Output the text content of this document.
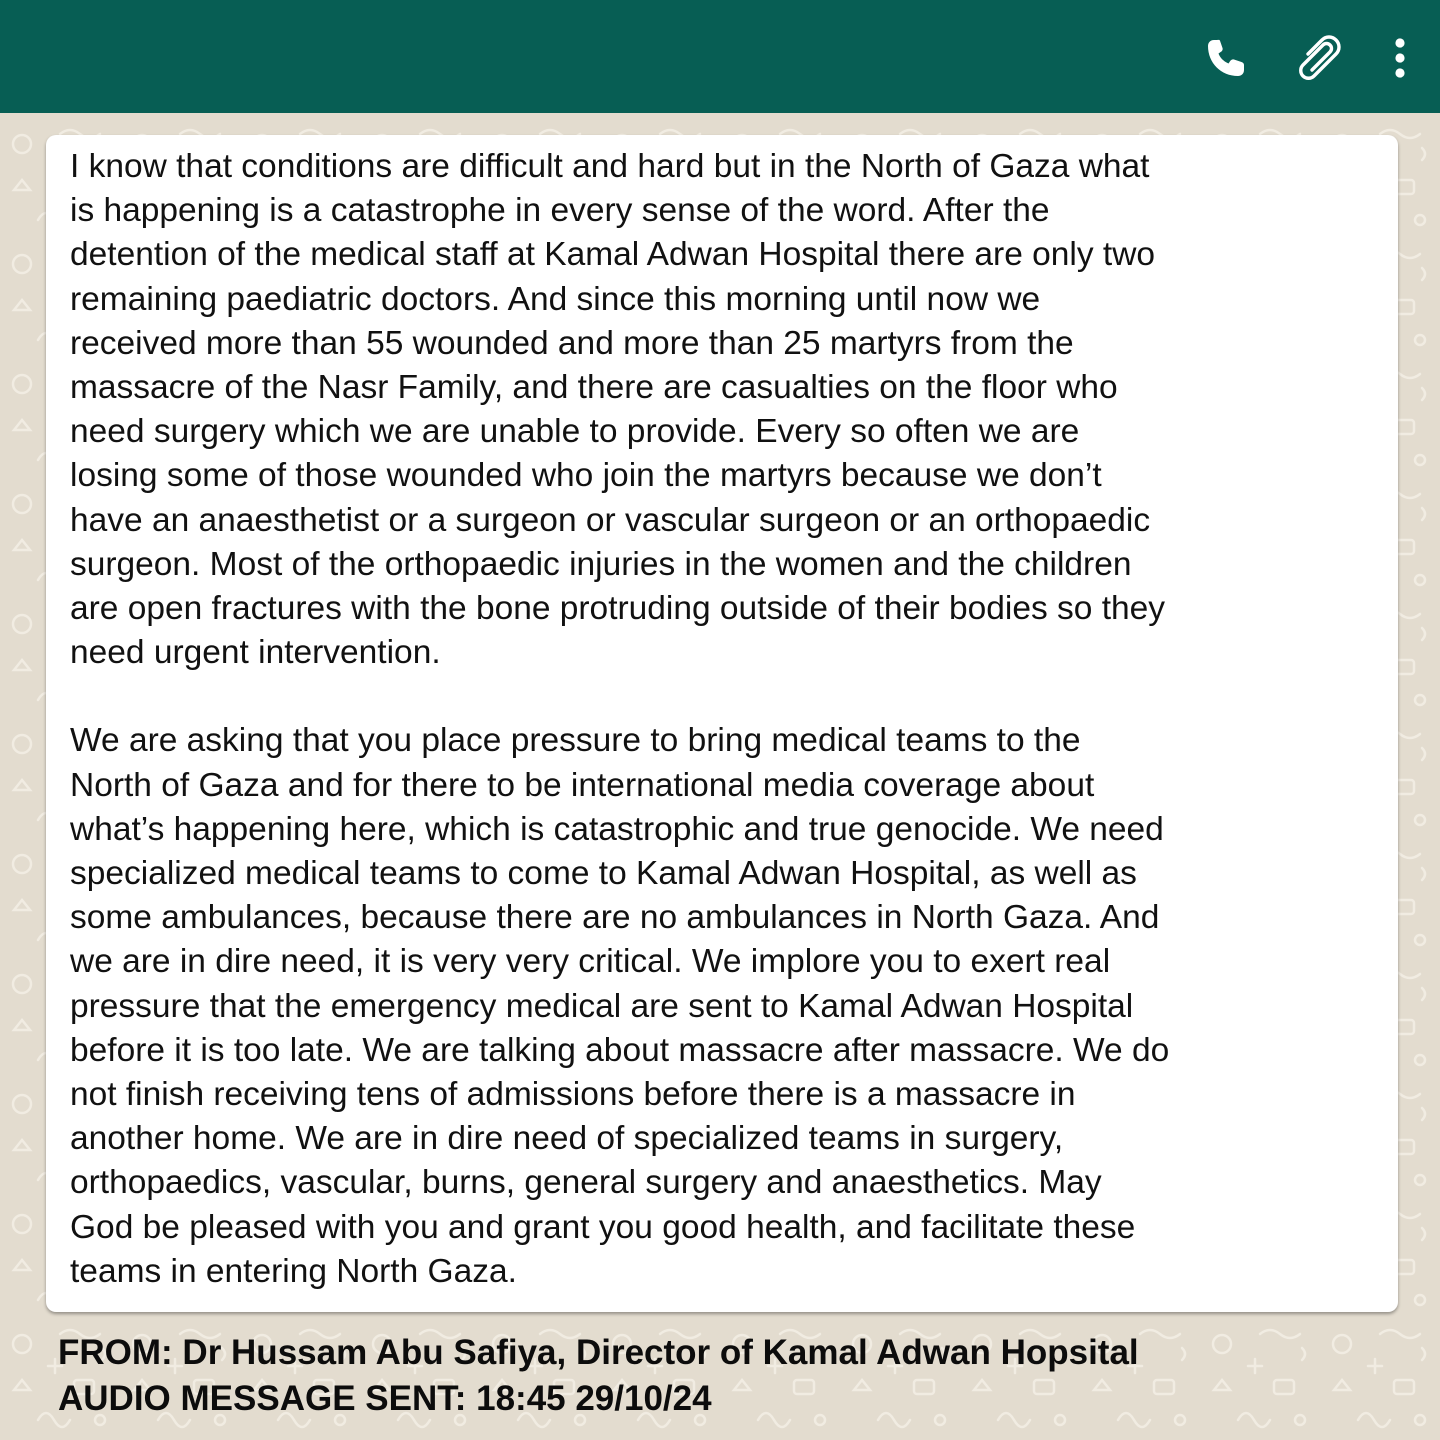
I know that conditions are difficult and hard but in the North of Gaza what
is happening is a catastrophe in every sense of the word. After the
detention of the medical staff at Kamal Adwan Hospital there are only two
remaining paediatric doctors. And since this morning until now we
received more than 55 wounded and more than 25 martyrs from the
massacre of the Nasr Family, and there are casualties on the floor who
need surgery which we are unable to provide. Every so often we are
losing some of those wounded who join the martyrs because we don’t
have an anaesthetist or a surgeon or vascular surgeon or an orthopaedic
surgeon. Most of the orthopaedic injuries in the women and the children
are open fractures with the bone protruding outside of their bodies so they
need urgent intervention.

We are asking that you place pressure to bring medical teams to the
North of Gaza and for there to be international media coverage about
what’s happening here, which is catastrophic and true genocide. We need
specialized medical teams to come to Kamal Adwan Hospital, as well as
some ambulances, because there are no ambulances in North Gaza. And
we are in dire need, it is very very critical. We implore you to exert real
pressure that the emergency medical are sent to Kamal Adwan Hospital
before it is too late. We are talking about massacre after massacre. We do
not finish receiving tens of admissions before there is a massacre in
another home. We are in dire need of specialized teams in surgery,
orthopaedics, vascular, burns, general surgery and anaesthetics. May
God be pleased with you and grant you good health, and facilitate these
teams in entering North Gaza.

FROM: Dr Hussam Abu Safiya, Director of Kamal Adwan Hopsital
AUDIO MESSAGE SENT: 18:45 29/10/24
